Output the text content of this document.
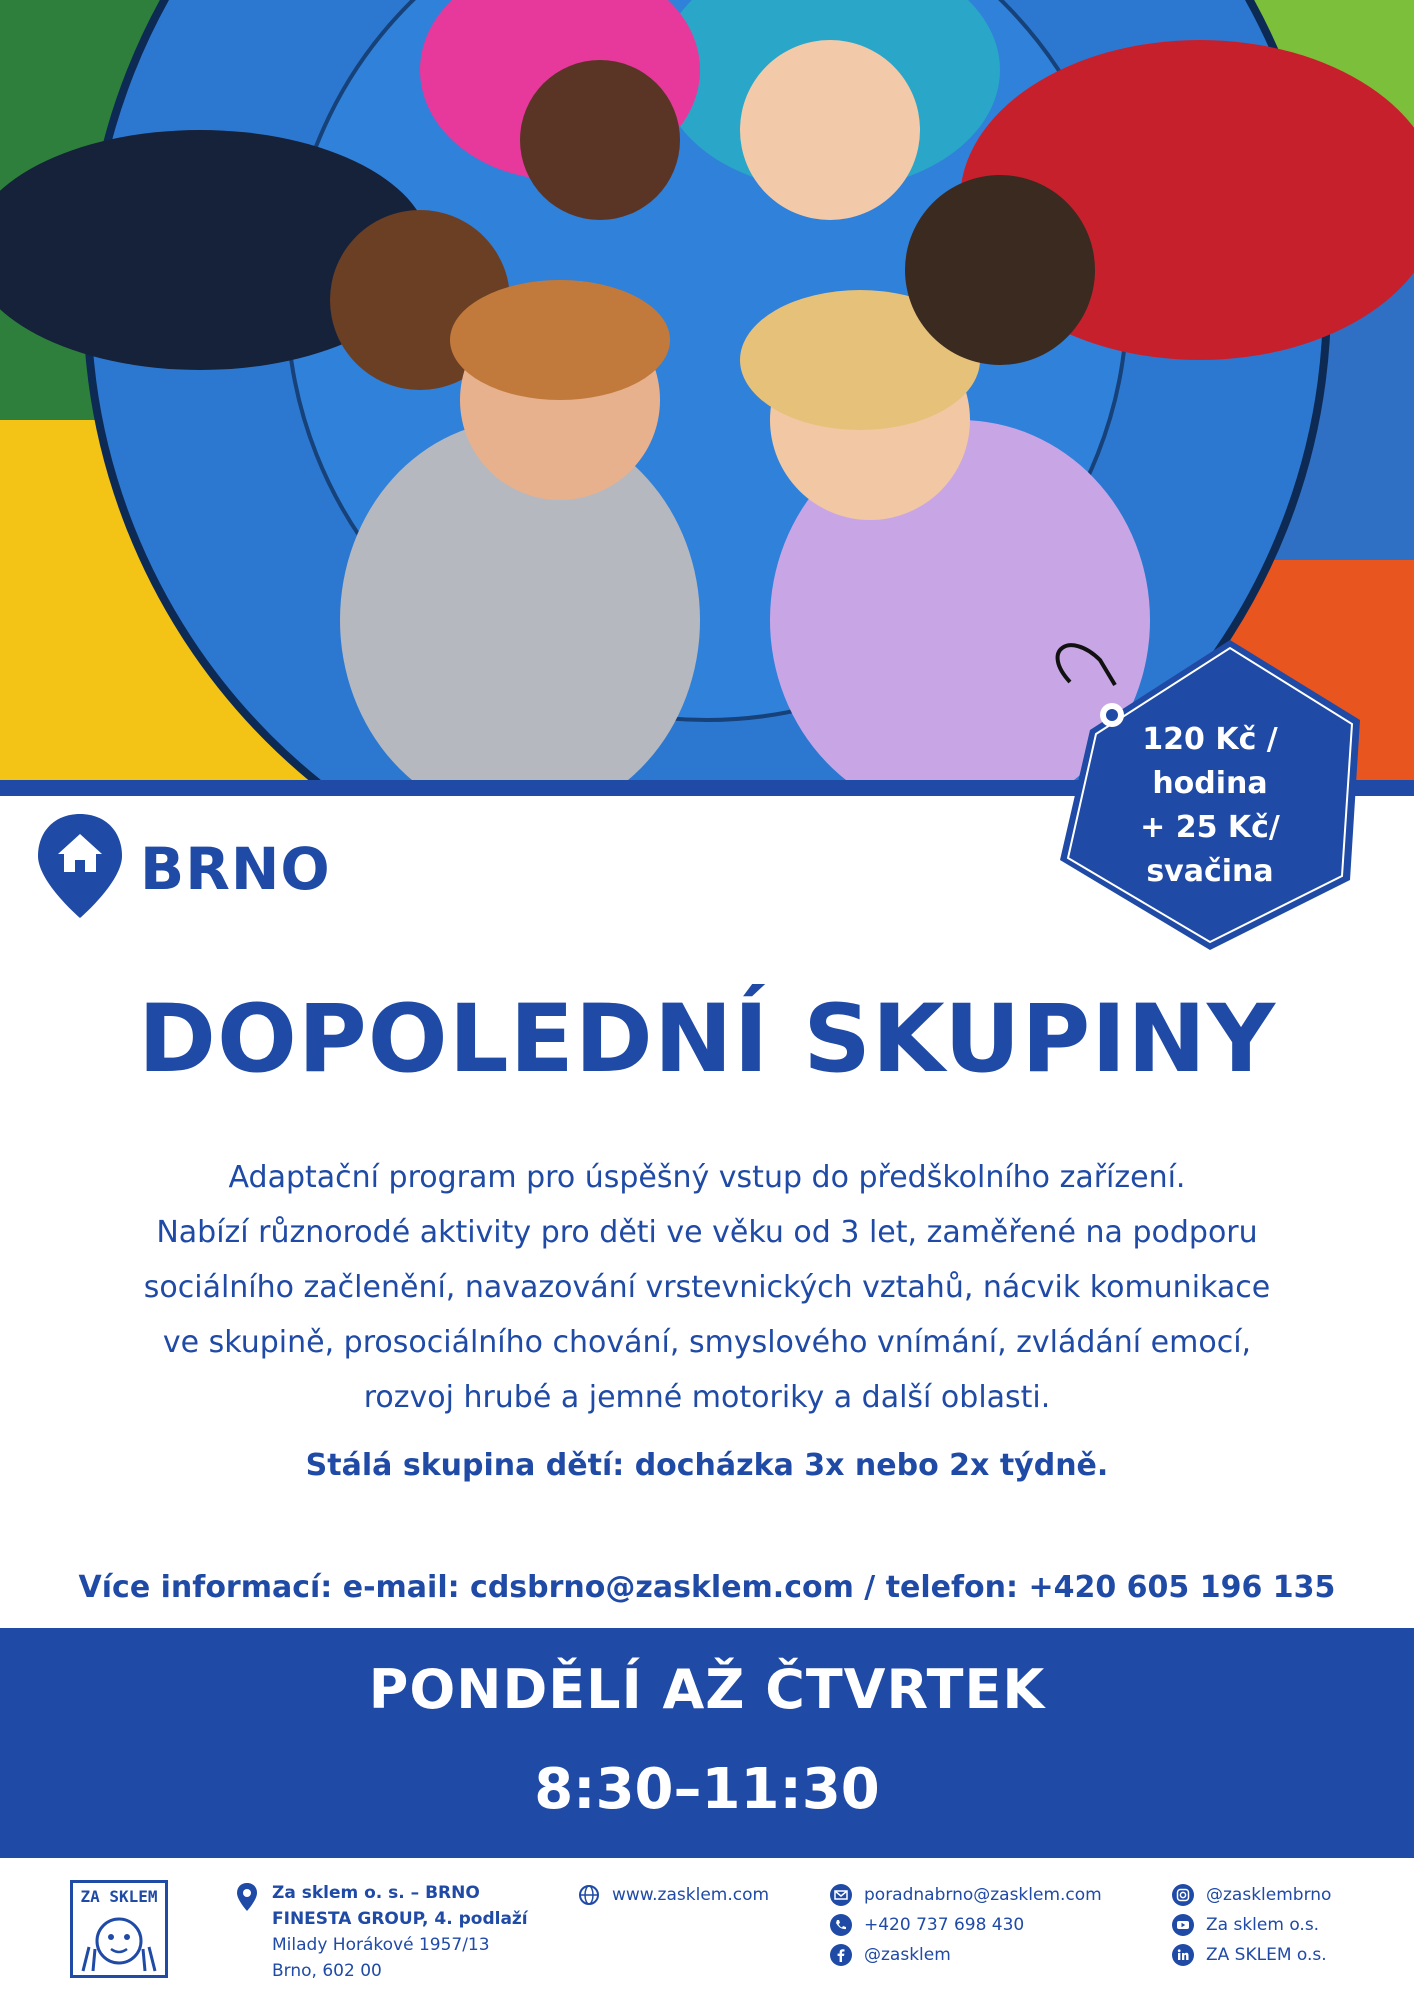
120 Kč /
hodina
+ 25 Kč/
svačina
BRNO
DOPOLEDNÍ SKUPINY

Adaptační program pro úspěšný vstup do předškolního zařízení.

Nabízí různorodé aktivity pro děti ve věku od 3 let, zaměřené na podporu

sociálního začlenění, navazování vrstevnických vztahů, nácvik komunikace

ve skupině, prosociálního chování, smyslového vnímání, zvládání emocí,

rozvoj hrubé a jemné motoriky a další oblasti.

Stálá skupina dětí: docházka 3x nebo 2x týdně.
Více informací: e-mail: cdsbrno@zasklem.com / telefon: +420 605 196 135
PONDĚLÍ AŽ ČTVRTEK
8:30–11:30
ZA SKLEM	Za sklem o. s. – BRNO
FINESTA GROUP, 4. podlaží
Milady Horákové 1957/13
Brno, 602 00
www.zasklem.com	poradnabrno@zasklem.com
+420 737 698 430
@zasklem
@zasklembrno
Za sklem o.s.
ZA SKLEM o.s.
